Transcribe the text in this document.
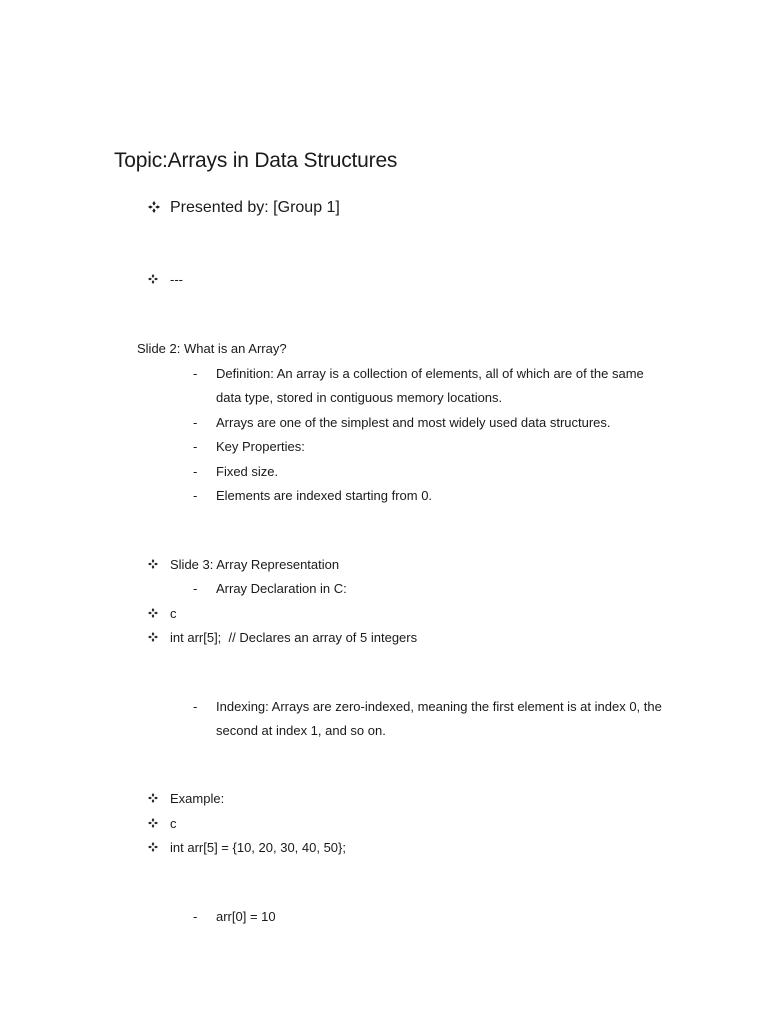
Topic:Arrays in Data Structures
Presented by: [Group 1]
---
Slide 2: What is an Array?
- Definition: An array is a collection of elements, all of which are of the same
data type, stored in contiguous memory locations.
- Arrays are one of the simplest and most widely used data structures.
- Key Properties:
- Fixed size.
- Elements are indexed starting from 0.
Slide 3: Array Representation
- Array Declaration in C:
c
int arr[5];  // Declares an array of 5 integers
- Indexing: Arrays are zero-indexed, meaning the first element is at index 0, the
second at index 1, and so on.
Example:
c
int arr[5] = {10, 20, 30, 40, 50};
- arr[0] = 10
